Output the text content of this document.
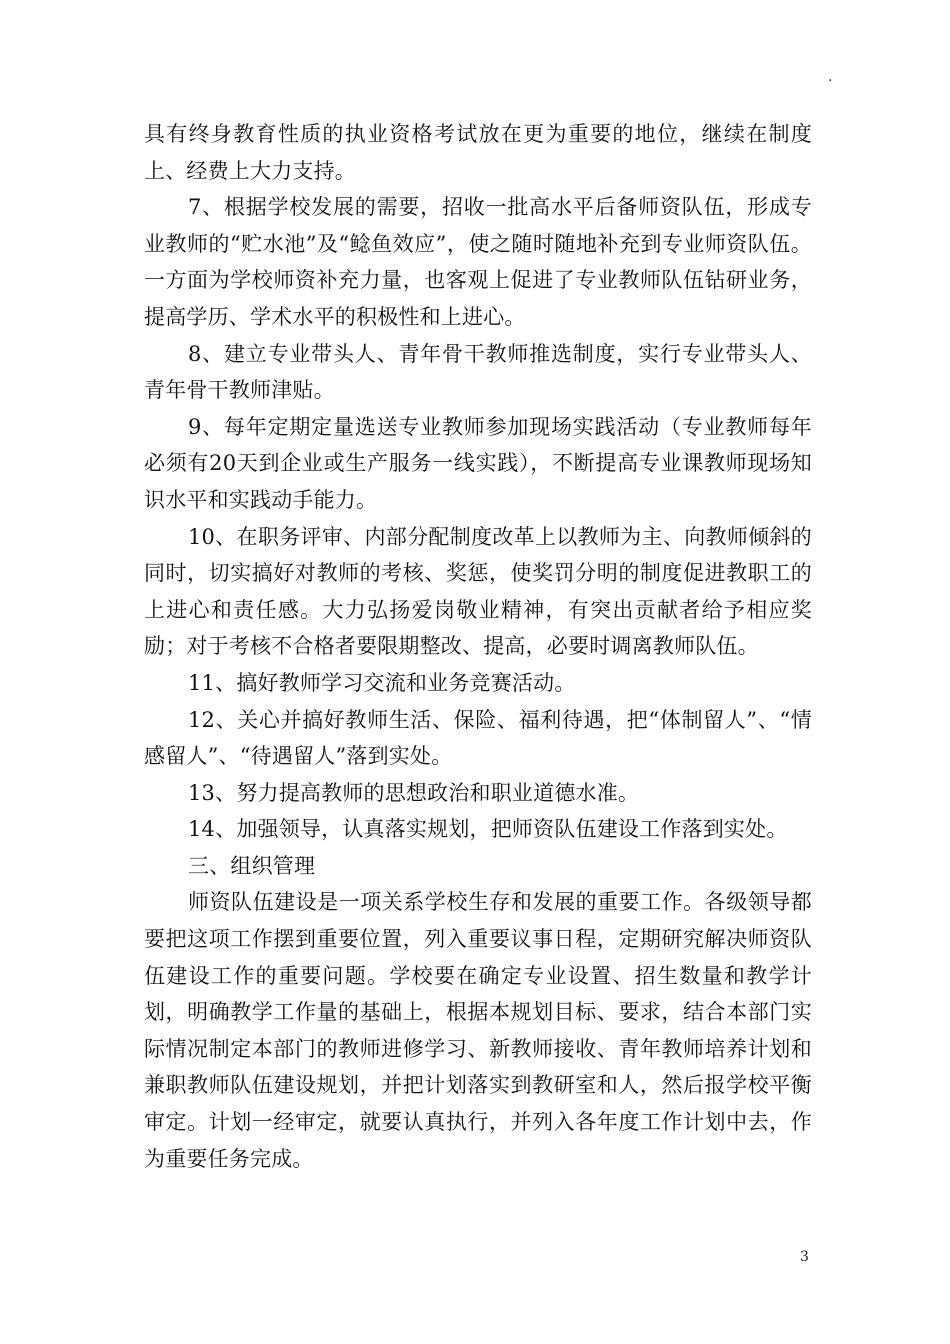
.

具有终身教育性质的执业资格考试放在更为重要的地位，继续在制度上、经费上大力支持。

7、根据学校发展的需要，招收一批高水平后备师资队伍，形成专业教师的“贮水池”及“鲶鱼效应”，使之随时随地补充到专业师资队伍。一方面为学校师资补充力量，也客观上促进了专业教师队伍钻研业务，提高学历、学术水平的积极性和上进心。

8、建立专业带头人、青年骨干教师推选制度，实行专业带头人、青年骨干教师津贴。

9、每年定期定量选送专业教师参加现场实践活动（专业教师每年必须有20天到企业或生产服务一线实践），不断提高专业课教师现场知识水平和实践动手能力。

10、在职务评审、内部分配制度改革上以教师为主、向教师倾斜的同时，切实搞好对教师的考核、奖惩，使奖罚分明的制度促进教职工的上进心和责任感。大力弘扬爱岗敬业精神，有突出贡献者给予相应奖励；对于考核不合格者要限期整改、提高，必要时调离教师队伍。

11、搞好教师学习交流和业务竞赛活动。

12、关心并搞好教师生活、保险、福利待遇，把“体制留人”、“情感留人”、“待遇留人”落到实处。

13、努力提高教师的思想政治和职业道德水准。

14、加强领导，认真落实规划，把师资队伍建设工作落到实处。

三、组织管理

师资队伍建设是一项关系学校生存和发展的重要工作。各级领导都要把这项工作摆到重要位置，列入重要议事日程，定期研究解决师资队伍建设工作的重要问题。学校要在确定专业设置、招生数量和教学计划，明确教学工作量的基础上，根据本规划目标、要求，结合本部门实际情况制定本部门的教师进修学习、新教师接收、青年教师培养计划和兼职教师队伍建设规划，并把计划落实到教研室和人，然后报学校平衡审定。计划一经审定，就要认真执行，并列入各年度工作计划中去，作为重要任务完成。

3
